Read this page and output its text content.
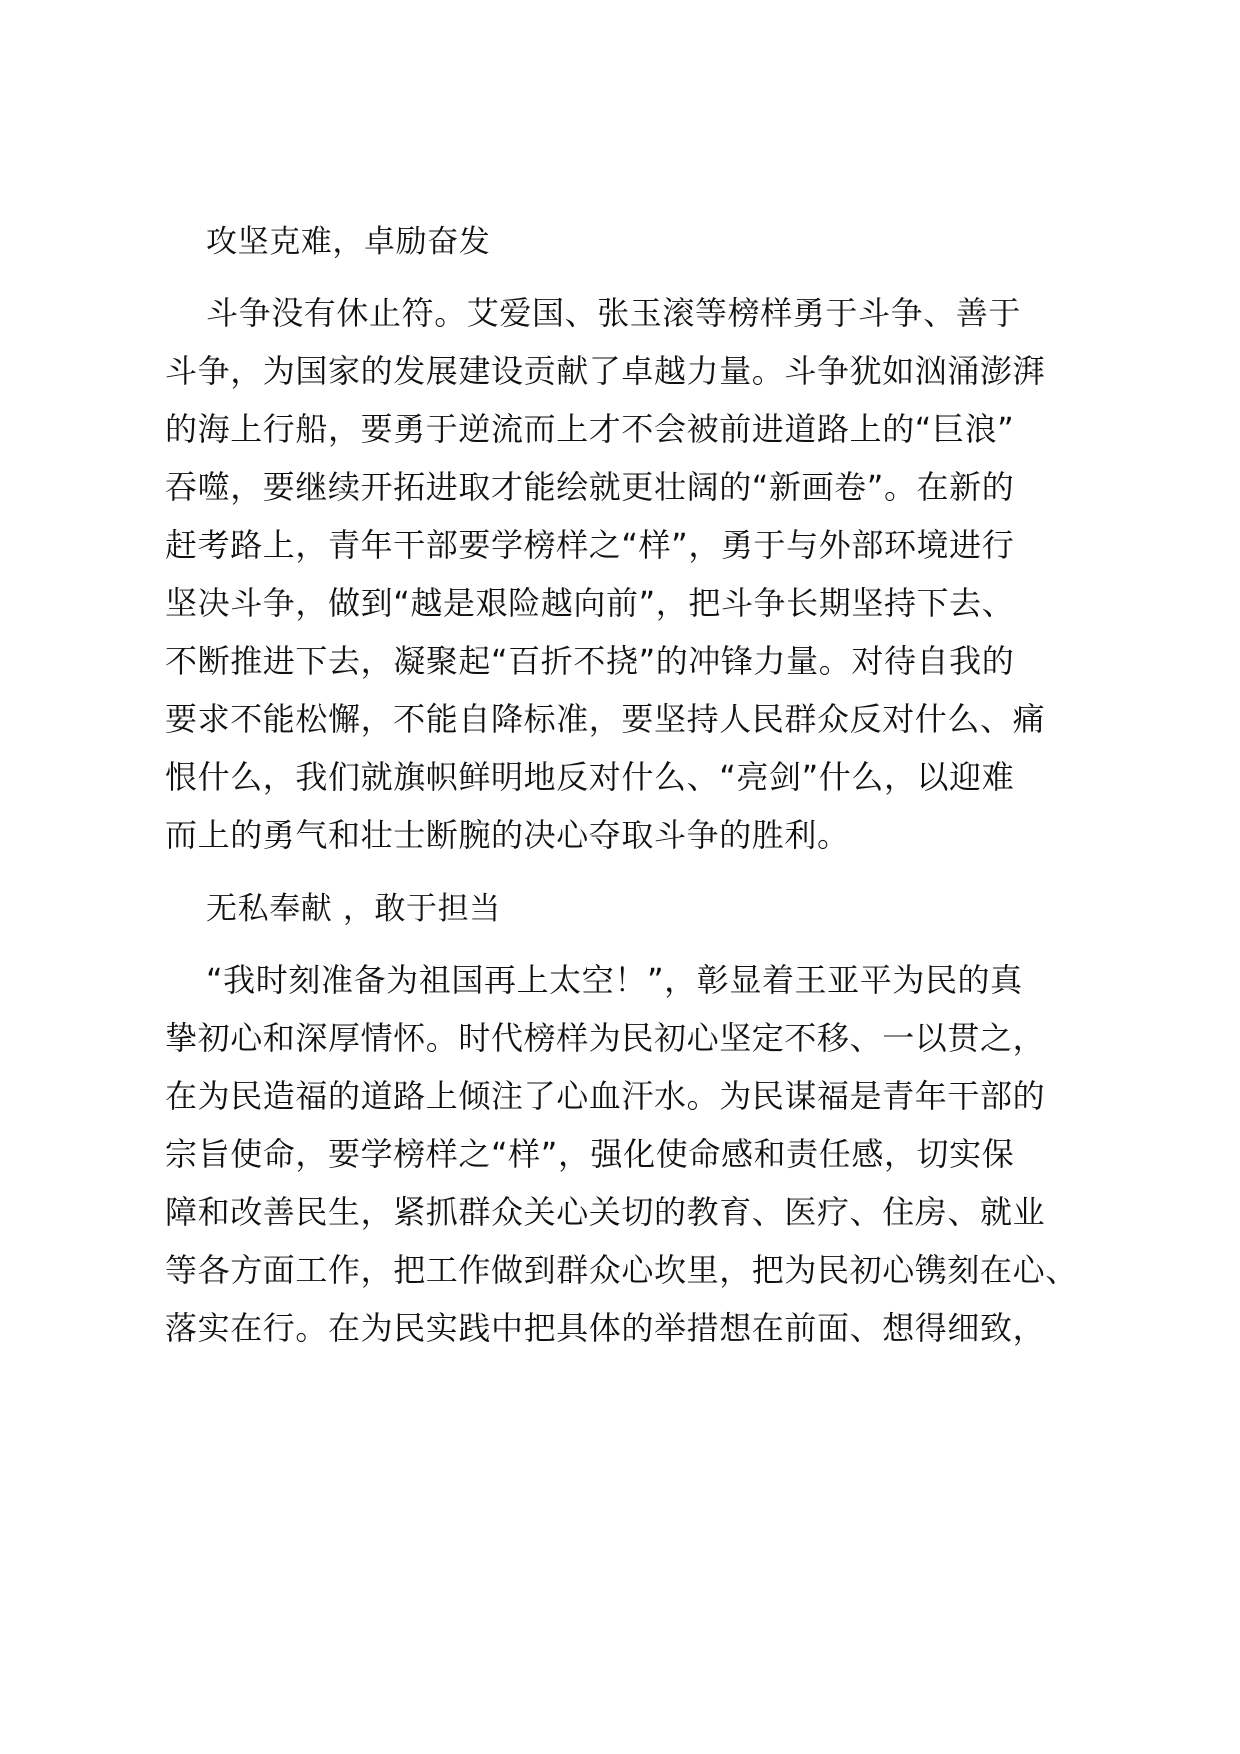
攻坚克难，卓励奋发
斗争没有休止符。艾爱国、张玉滚等榜样勇于斗争、善于
斗争，为国家的发展建设贡献了卓越力量。斗争犹如汹涌澎湃
的海上行船，要勇于逆流而上才不会被前进道路上的“巨浪”
吞噬，要继续开拓进取才能绘就更壮阔的“新画卷”。在新的
赶考路上，青年干部要学榜样之“样”，勇于与外部环境进行
坚决斗争，做到“越是艰险越向前”，把斗争长期坚持下去、
不断推进下去，凝聚起“百折不挠”的冲锋力量。对待自我的
要求不能松懈，不能自降标准，要坚持人民群众反对什么、痛
恨什么，我们就旗帜鲜明地反对什么、“亮剑”什么，以迎难
而上的勇气和壮士断腕的决心夺取斗争的胜利。
无私奉献 ，敢于担当
“我时刻准备为祖国再上太空！”，彰显着王亚平为民的真
挚初心和深厚情怀。时代榜样为民初心坚定不移、一以贯之，
在为民造福的道路上倾注了心血汗水。为民谋福是青年干部的
宗旨使命，要学榜样之“样”，强化使命感和责任感，切实保
障和改善民生，紧抓群众关心关切的教育、医疗、住房、就业
等各方面工作，把工作做到群众心坎里，把为民初心镌刻在心、
落实在行。在为民实践中把具体的举措想在前面、想得细致，
